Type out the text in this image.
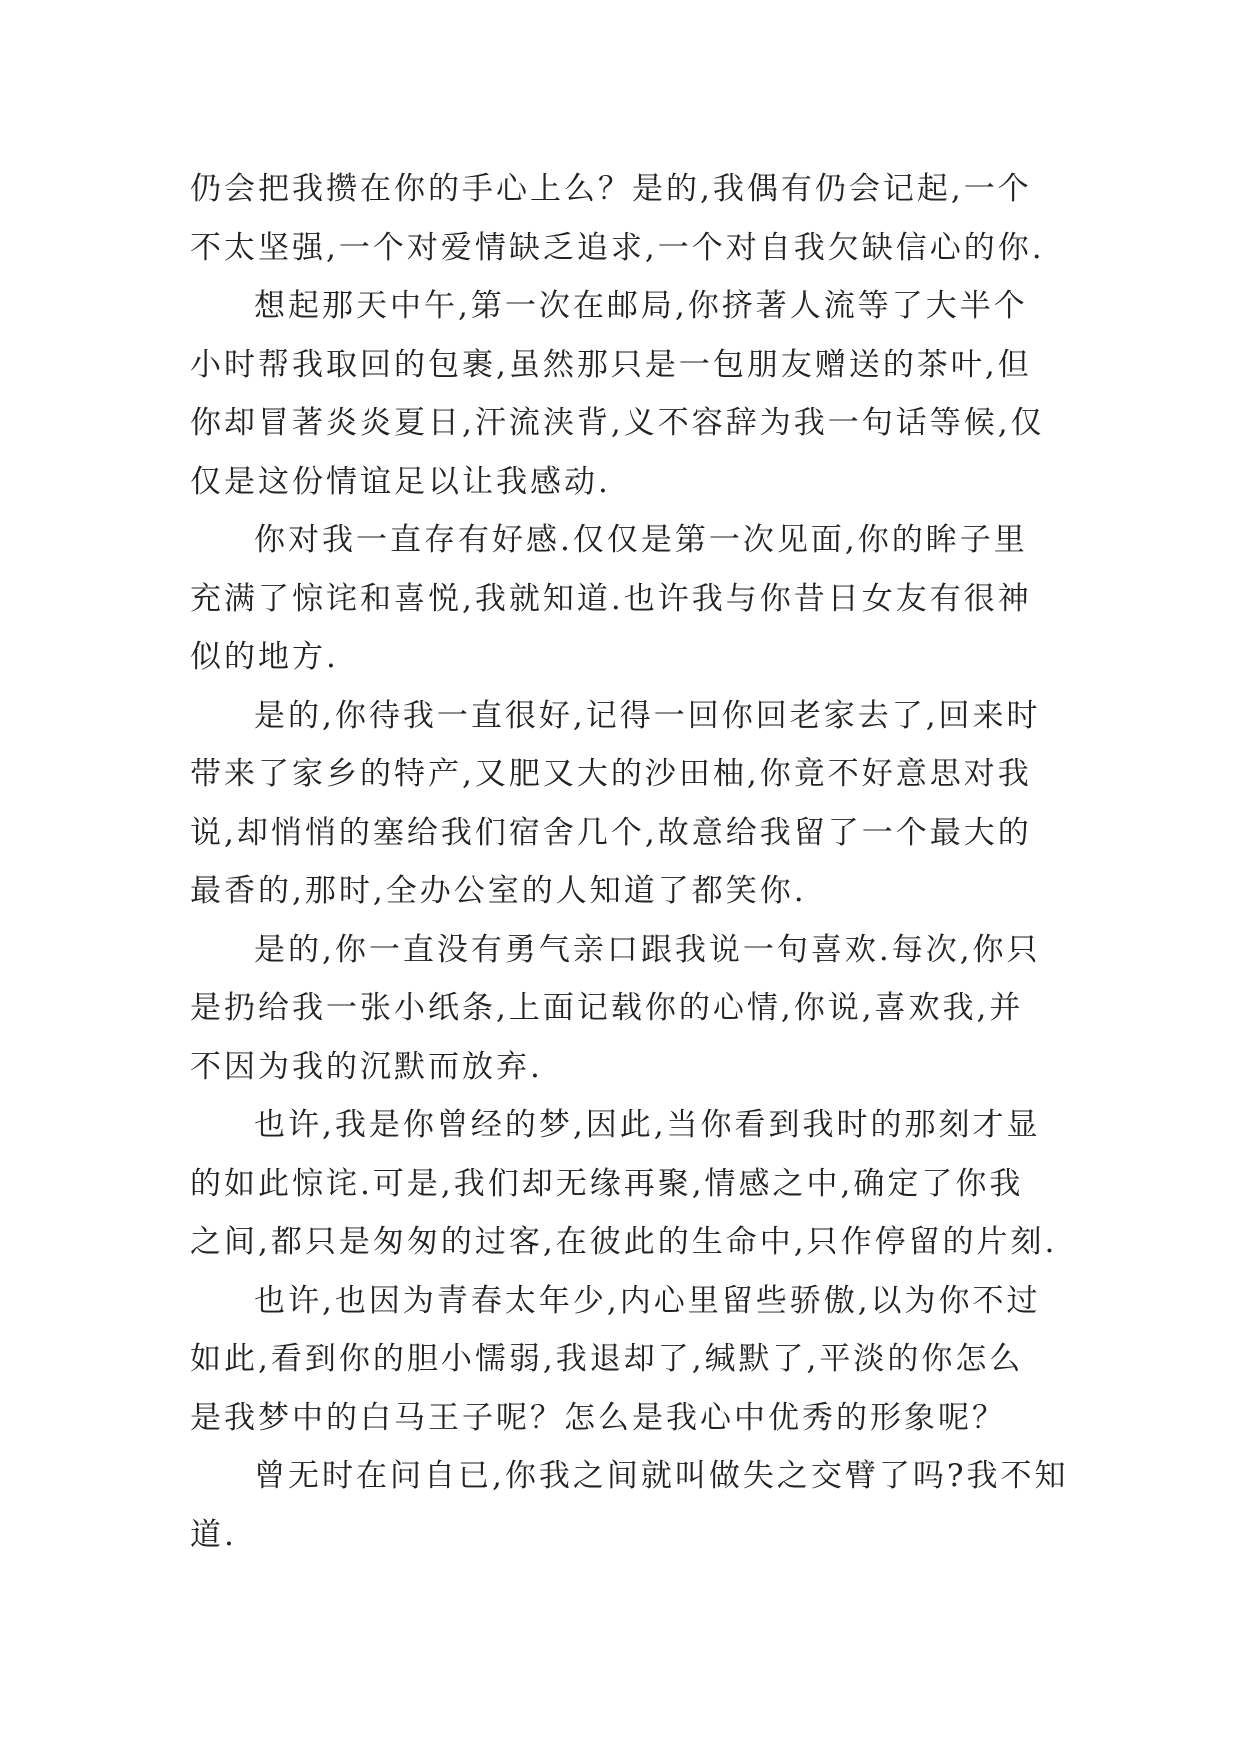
仍会把我攒在你的手心上么？是的,我偶有仍会记起,一个
不太坚强,一个对爱情缺乏追求,一个对自我欠缺信心的你.
想起那天中午,第一次在邮局,你挤著人流等了大半个
小时帮我取回的包裹,虽然那只是一包朋友赠送的茶叶,但
你却冒著炎炎夏日,汗流浃背,义不容辞为我一句话等候,仅
仅是这份情谊足以让我感动.
你对我一直存有好感.仅仅是第一次见面,你的眸子里
充满了惊诧和喜悦,我就知道.也许我与你昔日女友有很神
似的地方.
是的,你待我一直很好,记得一回你回老家去了,回来时
带来了家乡的特产,又肥又大的沙田柚,你竟不好意思对我
说,却悄悄的塞给我们宿舍几个,故意给我留了一个最大的
最香的,那时,全办公室的人知道了都笑你.
是的,你一直没有勇气亲口跟我说一句喜欢.每次,你只
是扔给我一张小纸条,上面记载你的心情,你说,喜欢我,并
不因为我的沉默而放弃.
也许,我是你曾经的梦,因此,当你看到我时的那刻才显
的如此惊诧.可是,我们却无缘再聚,情感之中,确定了你我
之间,都只是匆匆的过客,在彼此的生命中,只作停留的片刻.
也许,也因为青春太年少,内心里留些骄傲,以为你不过
如此,看到你的胆小懦弱,我退却了,缄默了,平淡的你怎么
是我梦中的白马王子呢？怎么是我心中优秀的形象呢？
曾无时在问自已,你我之间就叫做失之交臂了吗?我不知
道.
